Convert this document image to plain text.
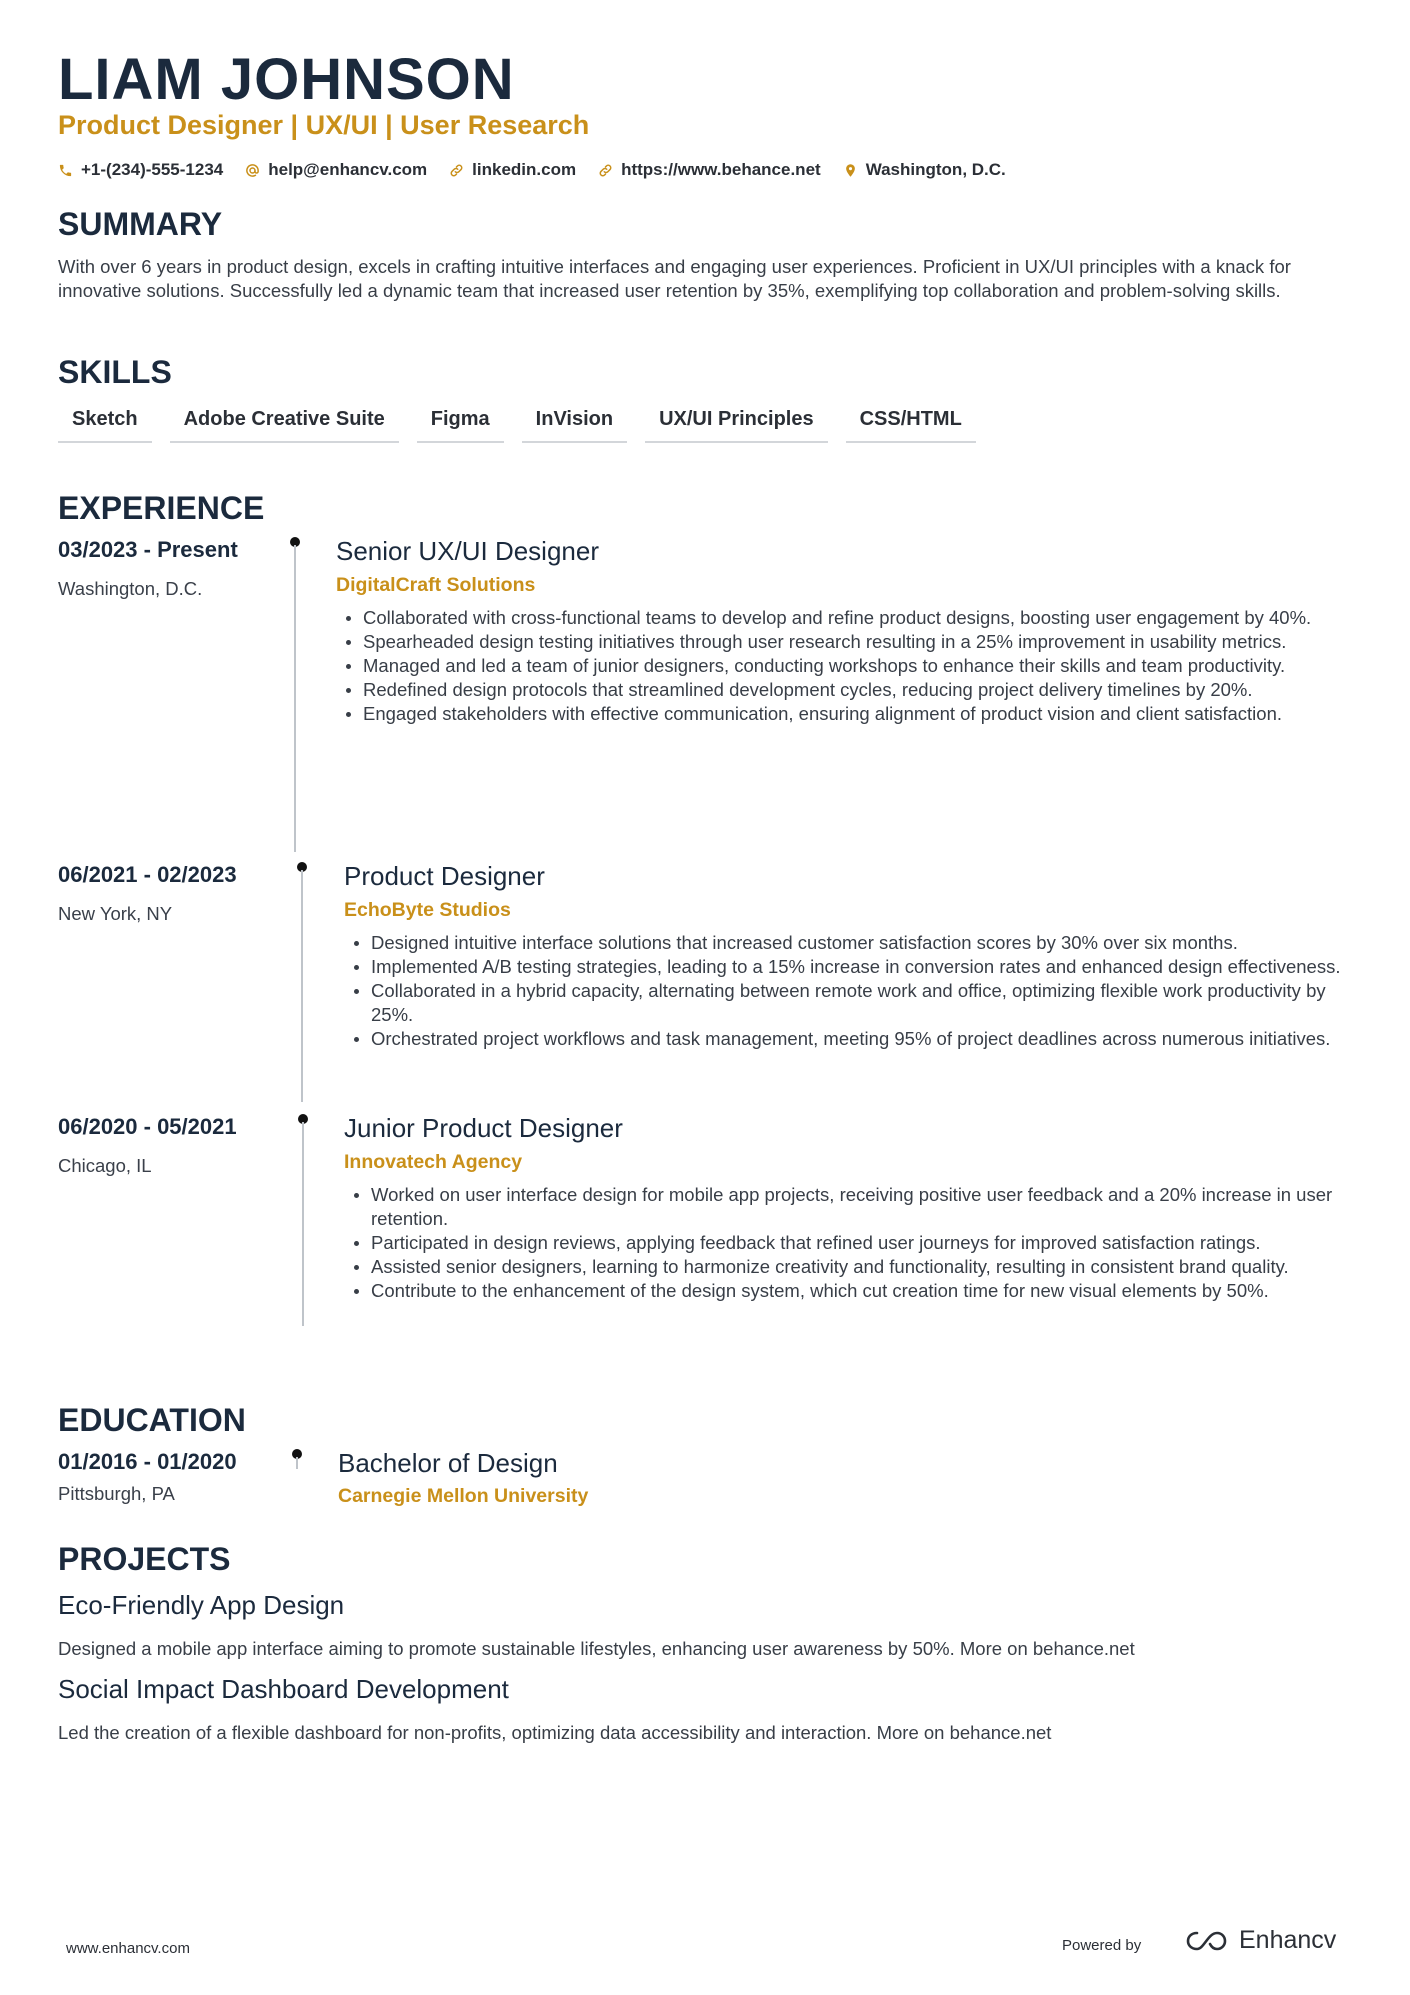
LIAM JOHNSON
Product Designer | UX/UI | User Research
+1-(234)-555-1234	help@enhancv.com	linkedin.com	https://www.behance.net	Washington, D.C.
SUMMARY
With over 6 years in product design, excels in crafting intuitive interfaces and engaging user experiences. Proficient in UX/UI principles with a knack for innovative solutions. Successfully led a dynamic team that increased user retention by 35%, exemplifying top collaboration and problem-solving skills.
SKILLS
Sketch	Adobe Creative Suite	Figma	InVision	UX/UI Principles	CSS/HTML
EXPERIENCE
03/2023 - Present
Washington, D.C.
Senior UX/UI Designer
DigitalCraft Solutions
Collaborated with cross-functional teams to develop and refine product designs, boosting user engagement by 40%.
Spearheaded design testing initiatives through user research resulting in a 25% improvement in usability metrics.
Managed and led a team of junior designers, conducting workshops to enhance their skills and team productivity.
Redefined design protocols that streamlined development cycles, reducing project delivery timelines by 20%.
Engaged stakeholders with effective communication, ensuring alignment of product vision and client satisfaction.
06/2021 - 02/2023
New York, NY
Product Designer
EchoByte Studios
Designed intuitive interface solutions that increased customer satisfaction scores by 30% over six months.
Implemented A/B testing strategies, leading to a 15% increase in conversion rates and enhanced design effectiveness.
Collaborated in a hybrid capacity, alternating between remote work and office, optimizing flexible work productivity by 25%.
Orchestrated project workflows and task management, meeting 95% of project deadlines across numerous initiatives.
06/2020 - 05/2021
Chicago, IL
Junior Product Designer
Innovatech Agency
Worked on user interface design for mobile app projects, receiving positive user feedback and a 20% increase in user retention.
Participated in design reviews, applying feedback that refined user journeys for improved satisfaction ratings.
Assisted senior designers, learning to harmonize creativity and functionality, resulting in consistent brand quality.
Contribute to the enhancement of the design system, which cut creation time for new visual elements by 50%.
EDUCATION
01/2016 - 01/2020
Pittsburgh, PA
Bachelor of Design
Carnegie Mellon University
PROJECTS
Eco-Friendly App Design
Designed a mobile app interface aiming to promote sustainable lifestyles, enhancing user awareness by 50%. More on behance.net
Social Impact Dashboard Development
Led the creation of a flexible dashboard for non-profits, optimizing data accessibility and interaction. More on behance.net
www.enhancv.com	Powered by	Enhancv
